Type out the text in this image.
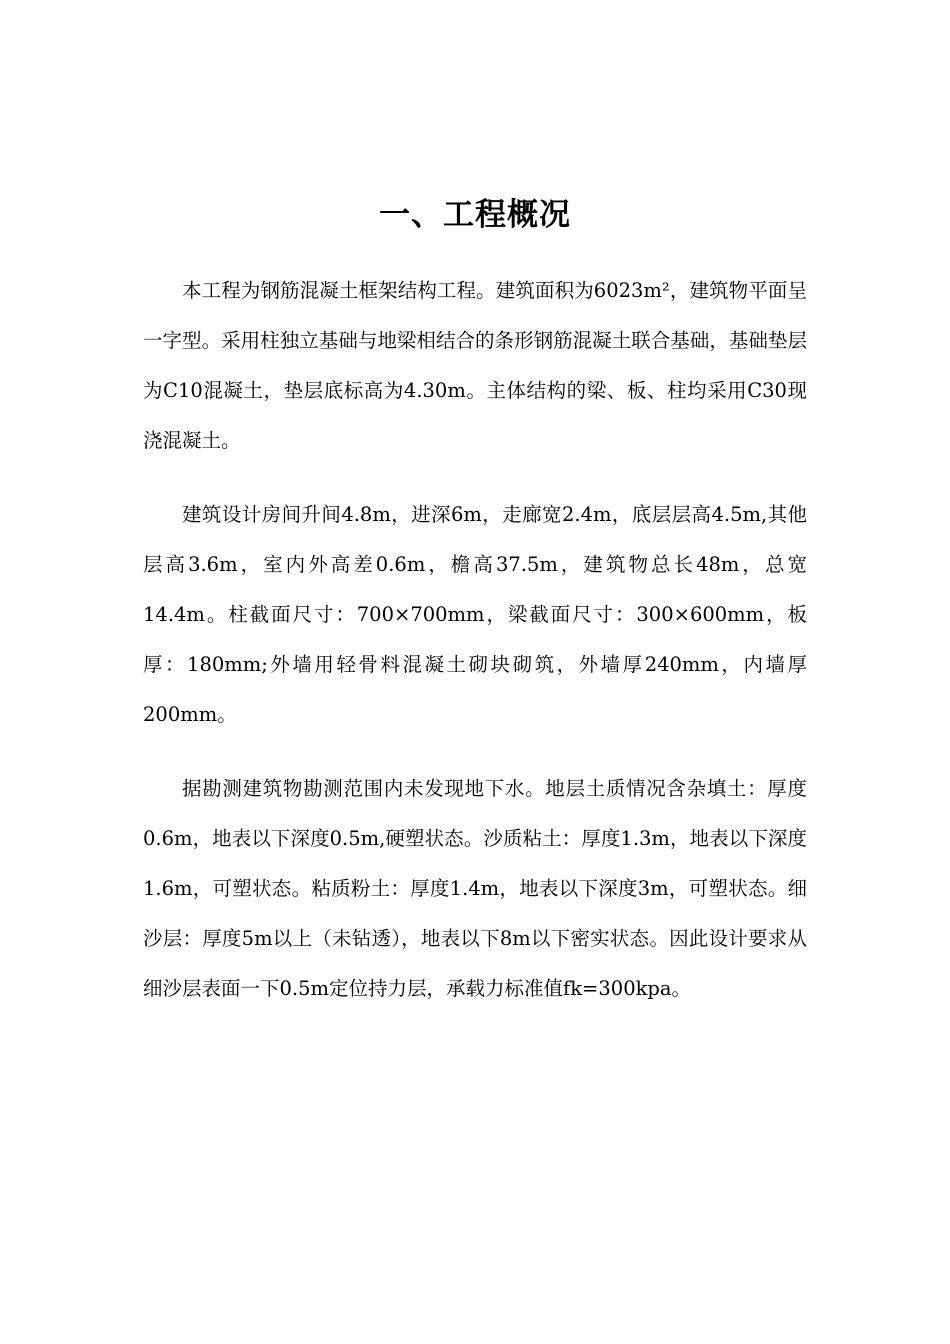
一、工程概况

本工程为钢筋混凝土框架结构工程。建筑面积为6023m²，建筑物平面呈一字型。采用柱独立基础与地梁相结合的条形钢筋混凝土联合基础，基础垫层为C10混凝土，垫层底标高为4.30m。主体结构的梁、板、柱均采用C30现浇混凝土。

建筑设计房间升间4.8m，进深6m，走廊宽2.4m，底层层高4.5m,其他层高3.6m，室内外高差0.6m，檐高37.5m，建筑物总长48m，总宽14.4m。柱截面尺寸：700×700mm，梁截面尺寸：300×600mm，板厚：180mm;外墙用轻骨料混凝土砌块砌筑，外墙厚240mm，内墙厚200mm。

据勘测建筑物勘测范围内未发现地下水。地层土质情况含杂填土：厚度0.6m，地表以下深度0.5m,硬塑状态。沙质粘土：厚度1.3m，地表以下深度1.6m，可塑状态。粘质粉土：厚度1.4m，地表以下深度3m，可塑状态。细沙层：厚度5m以上（未钻透），地表以下8m以下密实状态。因此设计要求从细沙层表面一下0.5m定位持力层，承载力标准值fk=300kpa。
